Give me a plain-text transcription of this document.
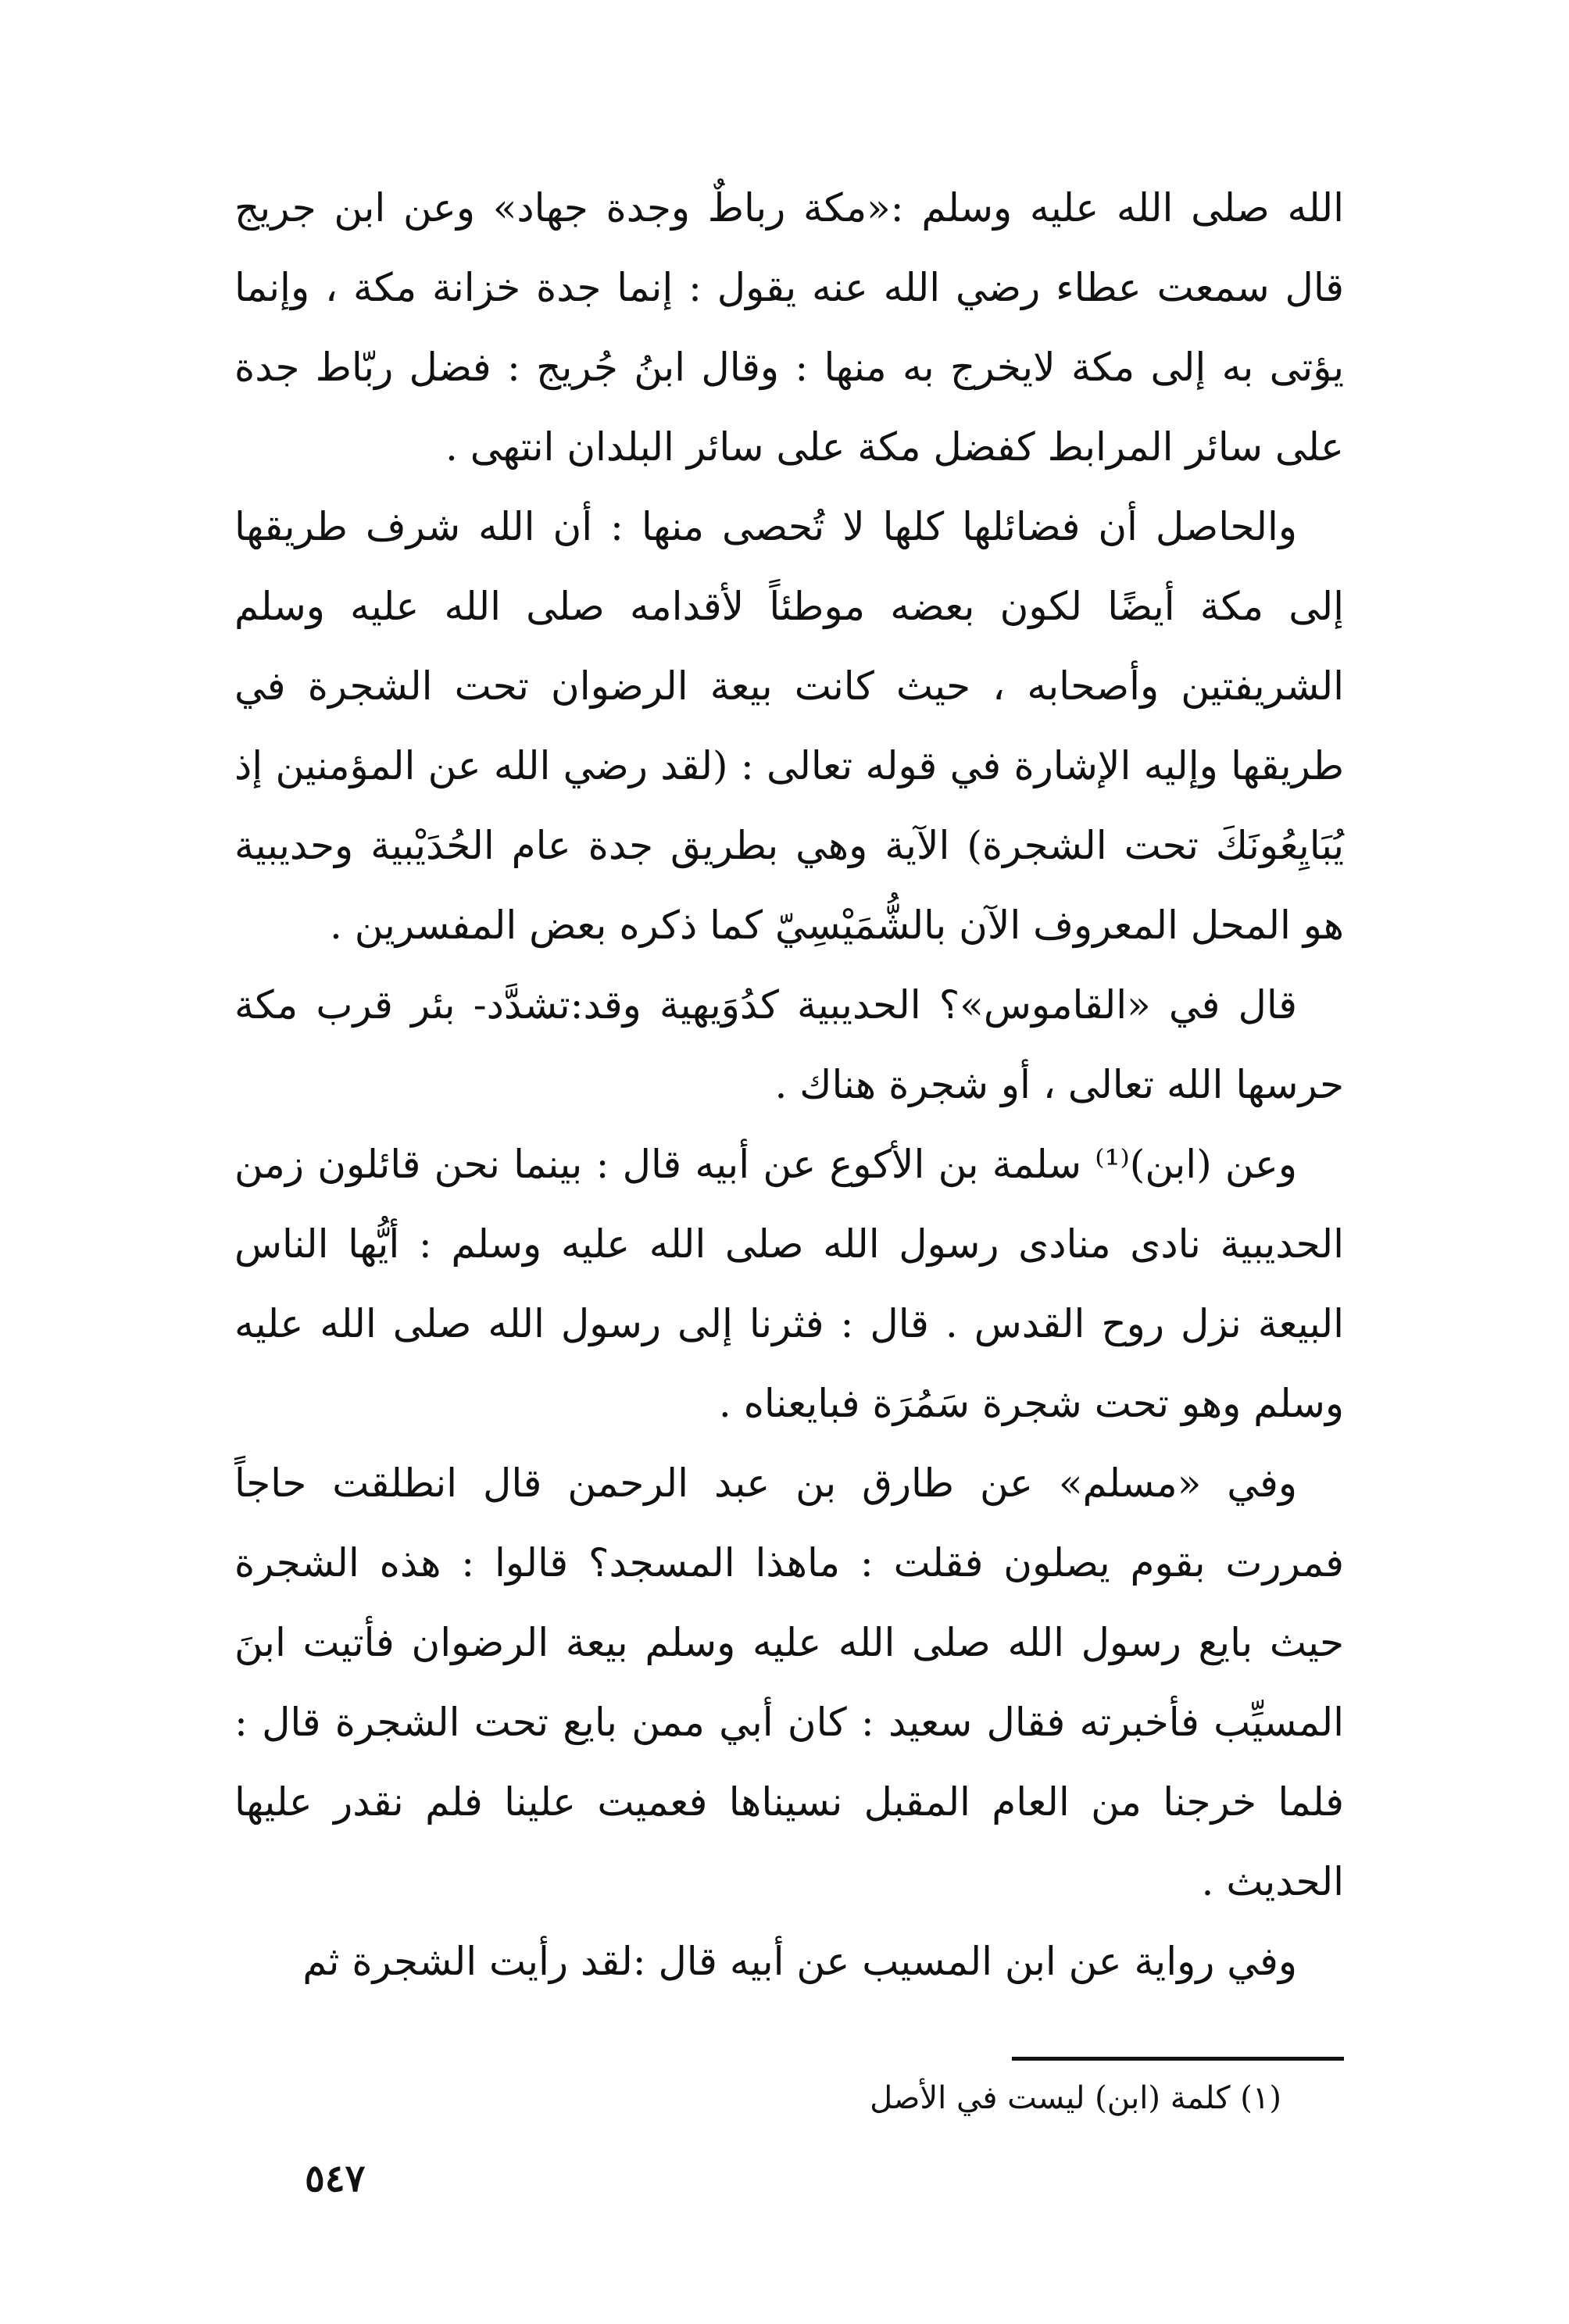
الله صلى الله عليه وسلم :«مكة رباطٌ وجدة جهاد» وعن ابن جريج قال سمعت عطاء رضي الله عنه يقول : إنما جدة خزانة مكة ، وإنما يؤتى به إلى مكة لايخرج به منها : وقال ابنُ جُريج : فضل ربّاط جدة على سائر المرابط كفضل مكة على سائر البلدان انتهى .

والحاصل أن فضائلها كلها لا تُحصى منها : أن الله شرف طريقها إلى مكة أيضًا لكون بعضه موطئاً لأقدامه صلى الله عليه وسلم الشريفتين وأصحابه ، حيث كانت بيعة الرضوان تحت الشجرة في طريقها وإليه الإشارة في قوله تعالى : (لقد رضي الله عن المؤمنين إذ يُبَايِعُونَكَ تحت الشجرة) الآية وهي بطريق جدة عام الحُدَيْبية وحديبية هو المحل المعروف الآن بالشُّمَيْسِيّ كما ذكره بعض المفسرين .

قال في «القاموس»؟ الحديبية كدُوَيهية وقد:تشدَّد- بئر قرب مكة حرسها الله تعالى ، أو شجرة هناك .

وعن (ابن)⁽¹⁾ سلمة بن الأكوع عن أبيه قال : بينما نحن قائلون زمن الحديبية نادى منادى رسول الله صلى الله عليه وسلم : أيُّها الناس البيعة نزل روح القدس . قال : فثرنا إلى رسول الله صلى الله عليه وسلم وهو تحت شجرة سَمُرَة فبايعناه .

وفي «مسلم» عن طارق بن عبد الرحمن قال انطلقت حاجاً فمررت بقوم يصلون فقلت : ماهذا المسجد؟ قالوا : هذه الشجرة حيث بايع رسول الله صلى الله عليه وسلم بيعة الرضوان فأتيت ابنَ المسيِّب فأخبرته فقال سعيد : كان أبي ممن بايع تحت الشجرة قال : فلما خرجنا من العام المقبل نسيناها فعميت علينا فلم نقدر عليها الحديث .

وفي رواية عن ابن المسيب عن أبيه قال :لقد رأيت الشجرة ثم

(١) كلمة (ابن) ليست في الأصل
٥٤٧
